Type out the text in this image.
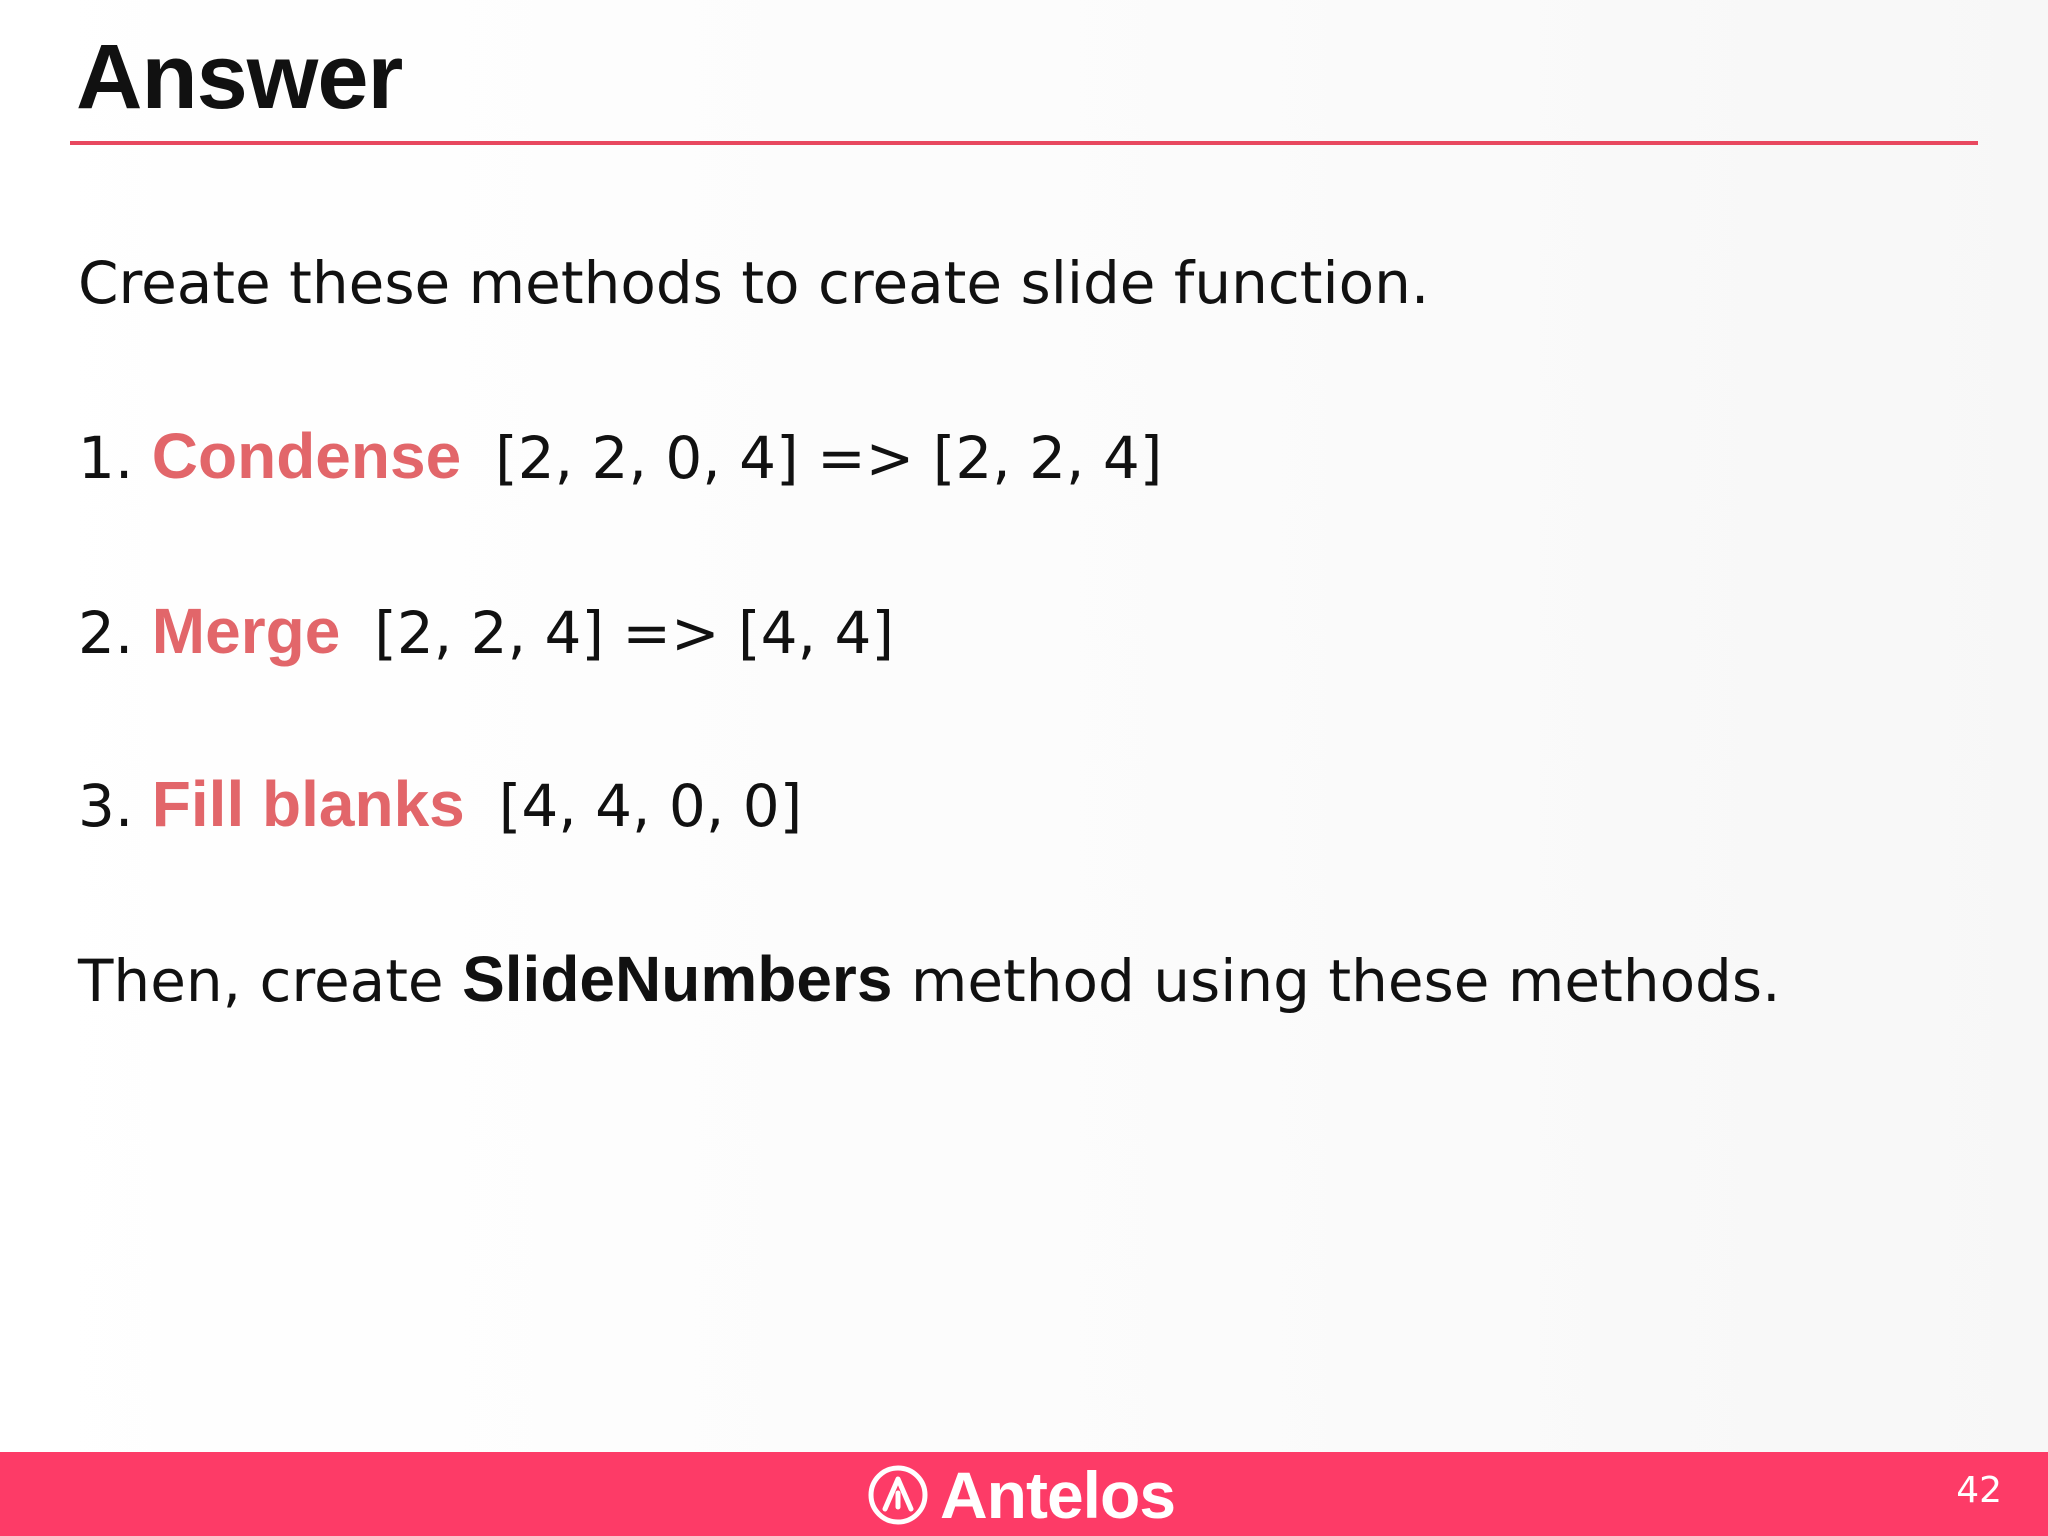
Answer
Create these methods to create slide function.
1. Condense [2, 2, 0, 4] => [2, 2, 4]
2. Merge [2, 2, 4] => [4, 4]
3. Fill blanks [4, 4, 0, 0]
Then, create SlideNumbers method using these methods.
Antelos	42
